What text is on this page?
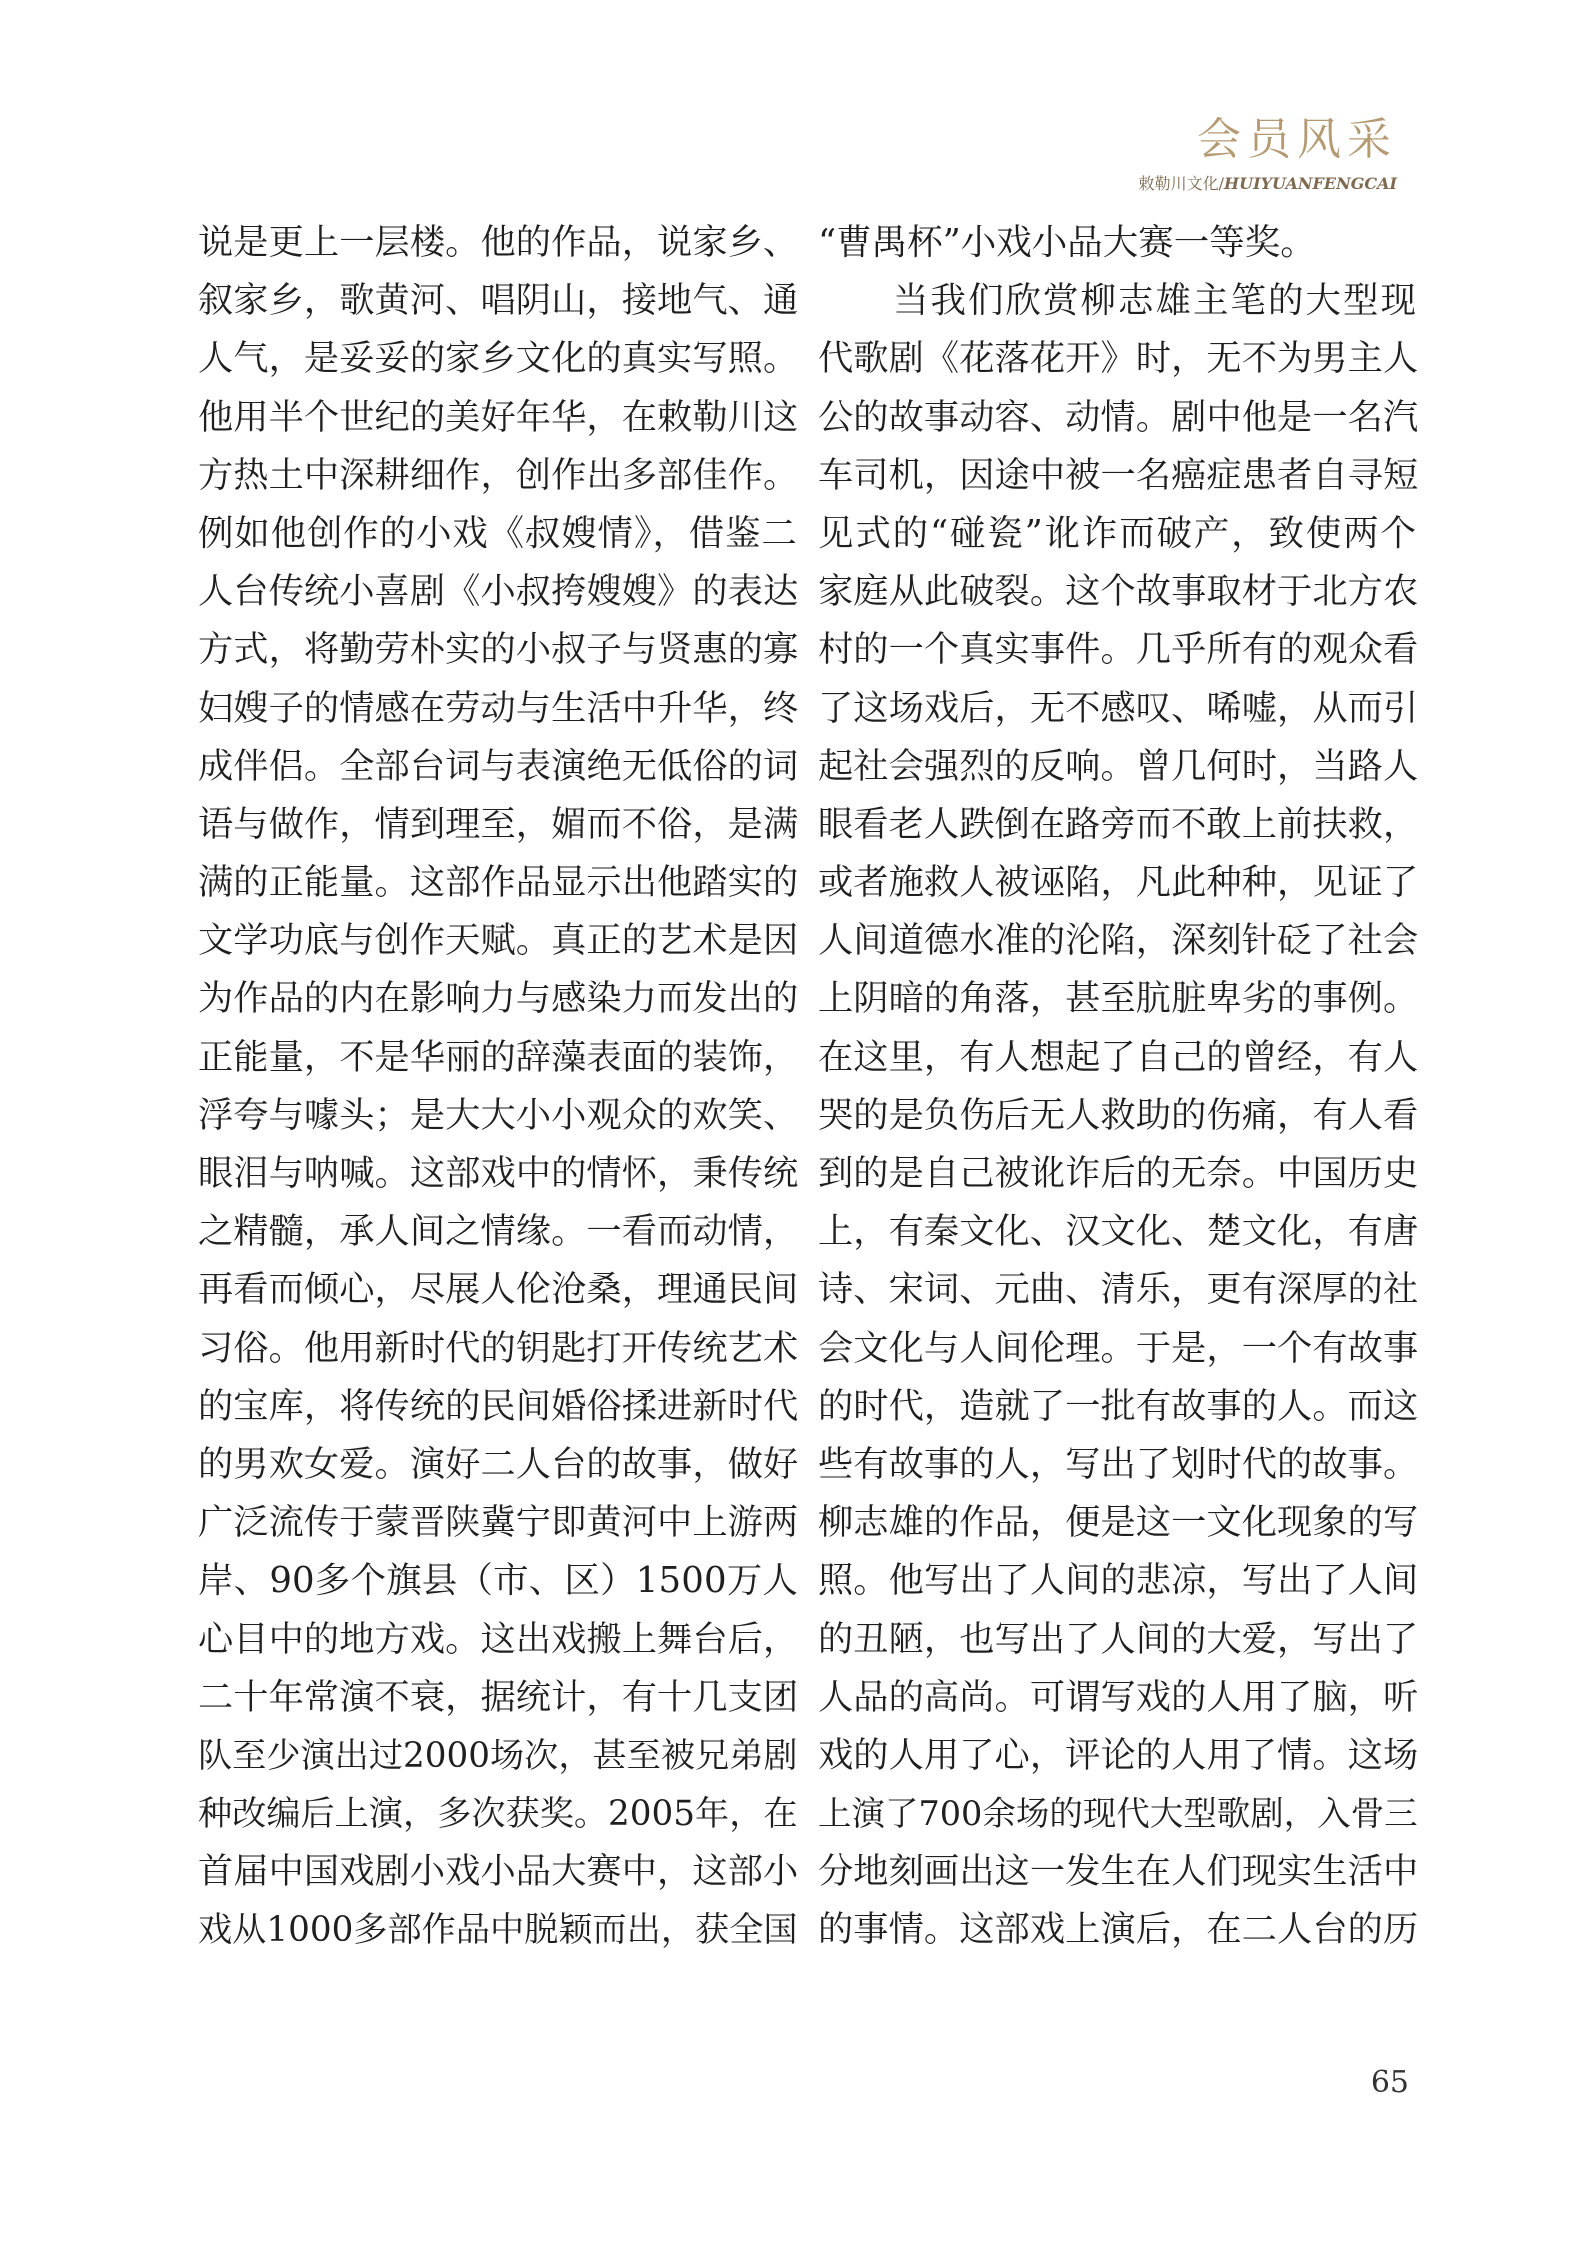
会员风采
敕勒川文化/HUIYUANFENGCAI
说是更上一层楼。他的作品，说家乡、
叙家乡，歌黄河、唱阴山，接地气、通
人气，是妥妥的家乡文化的真实写照。
他用半个世纪的美好年华，在敕勒川这
方热土中深耕细作，创作出多部佳作。
例如他创作的小戏《叔嫂情》，借鉴二
人台传统小喜剧《小叔挎嫂嫂》的表达
方式，将勤劳朴实的小叔子与贤惠的寡
妇嫂子的情感在劳动与生活中升华，终
成伴侣。全部台词与表演绝无低俗的词
语与做作，情到理至，媚而不俗，是满
满的正能量。这部作品显示出他踏实的
文学功底与创作天赋。真正的艺术是因
为作品的内在影响力与感染力而发出的
正能量，不是华丽的辞藻表面的装饰，
浮夸与噱头；是大大小小观众的欢笑、
眼泪与呐喊。这部戏中的情怀，秉传统
之精髓，承人间之情缘。一看而动情，
再看而倾心，尽展人伦沧桑，理通民间
习俗。他用新时代的钥匙打开传统艺术
的宝库，将传统的民间婚俗揉进新时代
的男欢女爱。演好二人台的故事，做好
广泛流传于蒙晋陕冀宁即黄河中上游两
岸、90多个旗县（市、区）1500万人
心目中的地方戏。这出戏搬上舞台后，
二十年常演不衰，据统计，有十几支团
队至少演出过2000场次，甚至被兄弟剧
种改编后上演，多次获奖。2005年，在
首届中国戏剧小戏小品大赛中，这部小
戏从1000多部作品中脱颖而出，获全国
“曹禺杯”小戏小品大赛一等奖。
　　当我们欣赏柳志雄主笔的大型现
代歌剧《花落花开》时，无不为男主人
公的故事动容、动情。剧中他是一名汽
车司机，因途中被一名癌症患者自寻短
见式的“碰瓷”讹诈而破产，致使两个
家庭从此破裂。这个故事取材于北方农
村的一个真实事件。几乎所有的观众看
了这场戏后，无不感叹、唏嘘，从而引
起社会强烈的反响。曾几何时，当路人
眼看老人跌倒在路旁而不敢上前扶救，
或者施救人被诬陷，凡此种种，见证了
人间道德水准的沦陷，深刻针砭了社会
上阴暗的角落，甚至肮脏卑劣的事例。
在这里，有人想起了自己的曾经，有人
哭的是负伤后无人救助的伤痛，有人看
到的是自己被讹诈后的无奈。中国历史
上，有秦文化、汉文化、楚文化，有唐
诗、宋词、元曲、清乐，更有深厚的社
会文化与人间伦理。于是，一个有故事
的时代，造就了一批有故事的人。而这
些有故事的人，写出了划时代的故事。
柳志雄的作品，便是这一文化现象的写
照。他写出了人间的悲凉，写出了人间
的丑陋，也写出了人间的大爱，写出了
人品的高尚。可谓写戏的人用了脑，听
戏的人用了心，评论的人用了情。这场
上演了700余场的现代大型歌剧，入骨三
分地刻画出这一发生在人们现实生活中
的事情。这部戏上演后，在二人台的历
65
